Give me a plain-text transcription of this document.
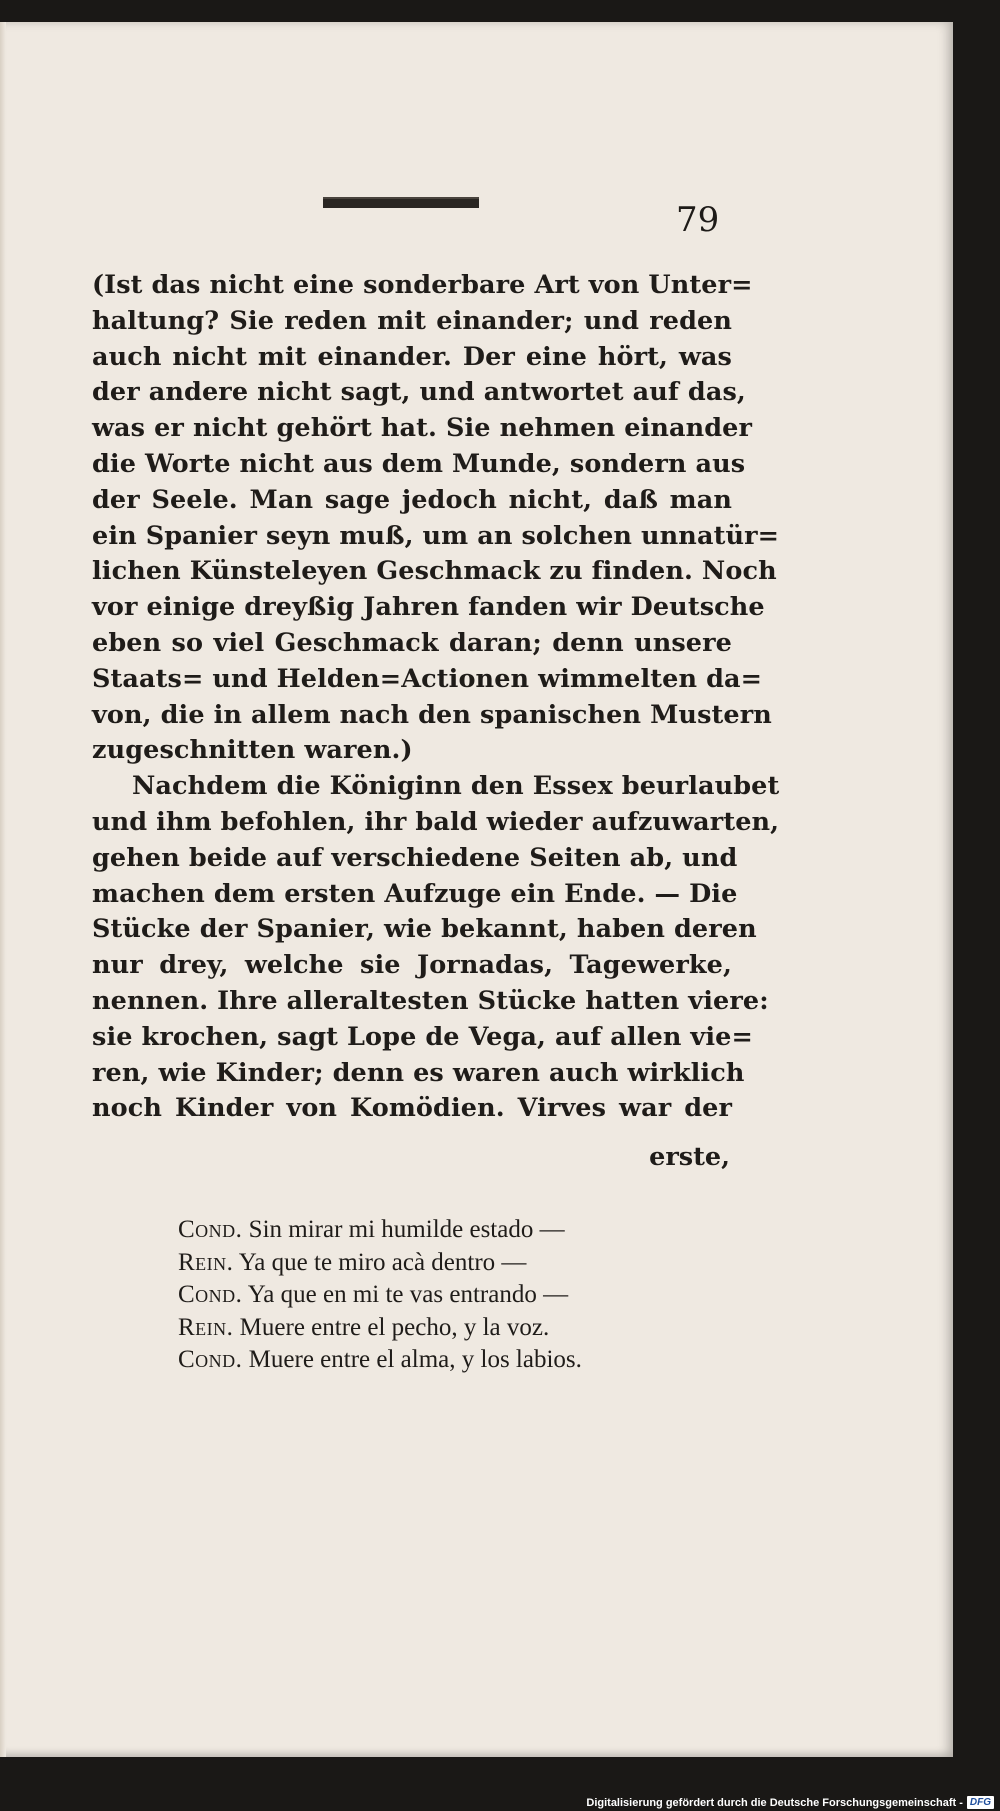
79
(Ist das nicht eine sonderbare Art von Unter=
haltung? Sie reden mit einander; und reden
auch nicht mit einander. Der eine hört, was
der andere nicht sagt, und antwortet auf das,
was er nicht gehört hat. Sie nehmen einander
die Worte nicht aus dem Munde, sondern aus
der Seele. Man sage jedoch nicht, daß man
ein Spanier seyn muß, um an solchen unnatür=
lichen Künsteleyen Geschmack zu finden. Noch
vor einige dreyßig Jahren fanden wir Deutsche
eben so viel Geschmack daran; denn unsere
Staats= und Helden=Actionen wimmelten da=
von, die in allem nach den spanischen Mustern
zugeschnitten waren.)
Nachdem die Königinn den Essex beurlaubet
und ihm befohlen, ihr bald wieder aufzuwarten,
gehen beide auf verschiedene Seiten ab, und
machen dem ersten Aufzuge ein Ende. — Die
Stücke der Spanier, wie bekannt, haben deren
nur drey, welche sie Jornadas, Tagewerke,
nennen. Ihre alleraltesten Stücke hatten viere:
sie krochen, sagt Lope de Vega, auf allen vie=
ren, wie Kinder; denn es waren auch wirklich
noch Kinder von Komödien. Virves war der
erste,
Cond. Sin mirar mi humilde estado —
Rein. Ya que te miro acà dentro —
Cond. Ya que en mi te vas entrando —
Rein. Muere entre el pecho, y la voz.
Cond. Muere entre el alma, y los labios.
Digitalisierung gefördert durch die Deutsche Forschungsgemeinschaft - DFG
